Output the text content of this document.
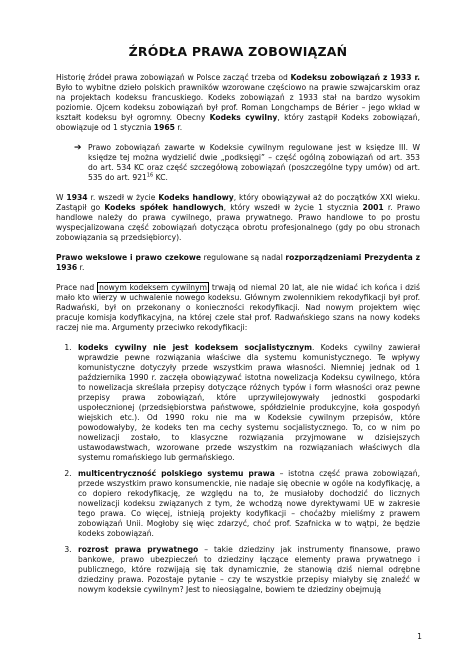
ŹRÓDŁA PRAWA ZOBOWIĄZAŃ

Historię źródeł prawa zobowiązań w Polsce zacząć trzeba od Kodeksu zobowiązań z 1933 r. Było to wybitne dzieło polskich prawników wzorowane częściowo na prawie szwajcarskim oraz na projektach kodeksu francuskiego. Kodeks zobowiązań z 1933 stał na bardzo wysokim poziomie. Ojcem kodeksu zobowiązań był prof. Roman Longchamps de Bérier – jego wkład w kształt kodeksu był ogromny. Obecny Kodeks cywilny, który zastąpił Kodeks zobowiązań, obowiązuje od 1 stycznia 1965 r.

➔ Prawo zobowiązań zawarte w Kodeksie cywilnym regulowane jest w księdze III. W księdze tej można wydzielić dwie „podksięgi” – część ogólną zobowiązań od art. 353 do art. 534 KC oraz część szczegółową zobowiązań (poszczególne typy umów) od art. 535 do art. $921^{16}$ KC.

W 1934 r. wszedł w życie Kodeks handlowy, który obowiązywał aż do początków XXI wieku. Zastąpił go Kodeks spółek handlowych, który wszedł w życie 1 stycznia 2001 r. Prawo handlowe należy do prawa cywilnego, prawa prywatnego. Prawo handlowe to po prostu wyspecjalizowana część zobowiązań dotycząca obrotu profesjonalnego (gdy po obu stronach zobowiązania są przedsiębiorcy).

Prawo wekslowe i prawo czekowe regulowane są nadal rozporządzeniami Prezydenta z 1936 r.

Prace nad nowym kodeksem cywilnym trwają od niemal 20 lat, ale nie widać ich końca i dziś mało kto wierzy w uchwalenie nowego kodeksu. Głównym zwolennikiem rekodyfikacji był prof. Radwański, był on przekonany o konieczności rekodyfikacji. Nad nowym projektem więc pracuje komisja kodyfikacyjna, na której czele stał prof. Radwańskiego szans na nowy kodeks raczej nie ma. Argumenty przeciwko rekodyfikacji:

1. kodeks cywilny nie jest kodeksem socjalistycznym. Kodeks cywilny zawierał wprawdzie pewne rozwiązania właściwe dla systemu komunistycznego. Te wpływy komunistyczne dotyczyły przede wszystkim prawa własności. Niemniej jednak od 1 października 1990 r. zaczęła obowiązywać istotna nowelizacja Kodeksu cywilnego, która to nowelizacja skreślała przepisy dotyczące różnych typów i form własności oraz pewne przepisy prawa zobowiązań, które uprzywilejowywały jednostki gospodarki uspołecznionej (przedsiębiorstwa państwowe, spółdzielnie produkcyjne, koła gospodyń wiejskich etc.). Od 1990 roku nie ma w Kodeksie cywilnym przepisów, które powodowałyby, że kodeks ten ma cechy systemu socjalistycznego. To, co w nim po nowelizacji zostało, to klasyczne rozwiązania przyjmowane w dzisiejszych ustawodawstwach, wzorowane przede wszystkim na rozwiązaniach właściwych dla systemu romańskiego lub germańskiego.
2. multicentryczność polskiego systemu prawa – istotna część prawa zobowiązań, przede wszystkim prawo konsumenckie, nie nadaje się obecnie w ogóle na kodyfikację, a co dopiero rekodyfikację, ze względu na to, że musiałoby dochodzić do licznych nowelizacji kodeksu związanych z tym, że wchodzą nowe dyrektywami UE w zakresie tego prawa. Co więcej, istnieją projekty kodyfikacji – choćażby mieliśmy z prawem zobowiązań Unii. Mogłoby się więc zdarzyć, choć prof. Szafnicka w to wątpi, że będzie kodeks zobowiązań.
3. rozrost prawa prywatnego – takie dziedziny jak instrumenty finansowe, prawo bankowe, prawo ubezpieczeń to dziedziny łączące elementy prawa prywatnego i publicznego, które rozwijają się tak dynamicznie, że stanowią dziś niemal odrębne dziedziny prawa. Pozostaje pytanie – czy te wszystkie przepisy miałyby się znaleźć w nowym kodeksie cywilnym? Jest to nieosiągalne, bowiem te dziedziny obejmują
1
